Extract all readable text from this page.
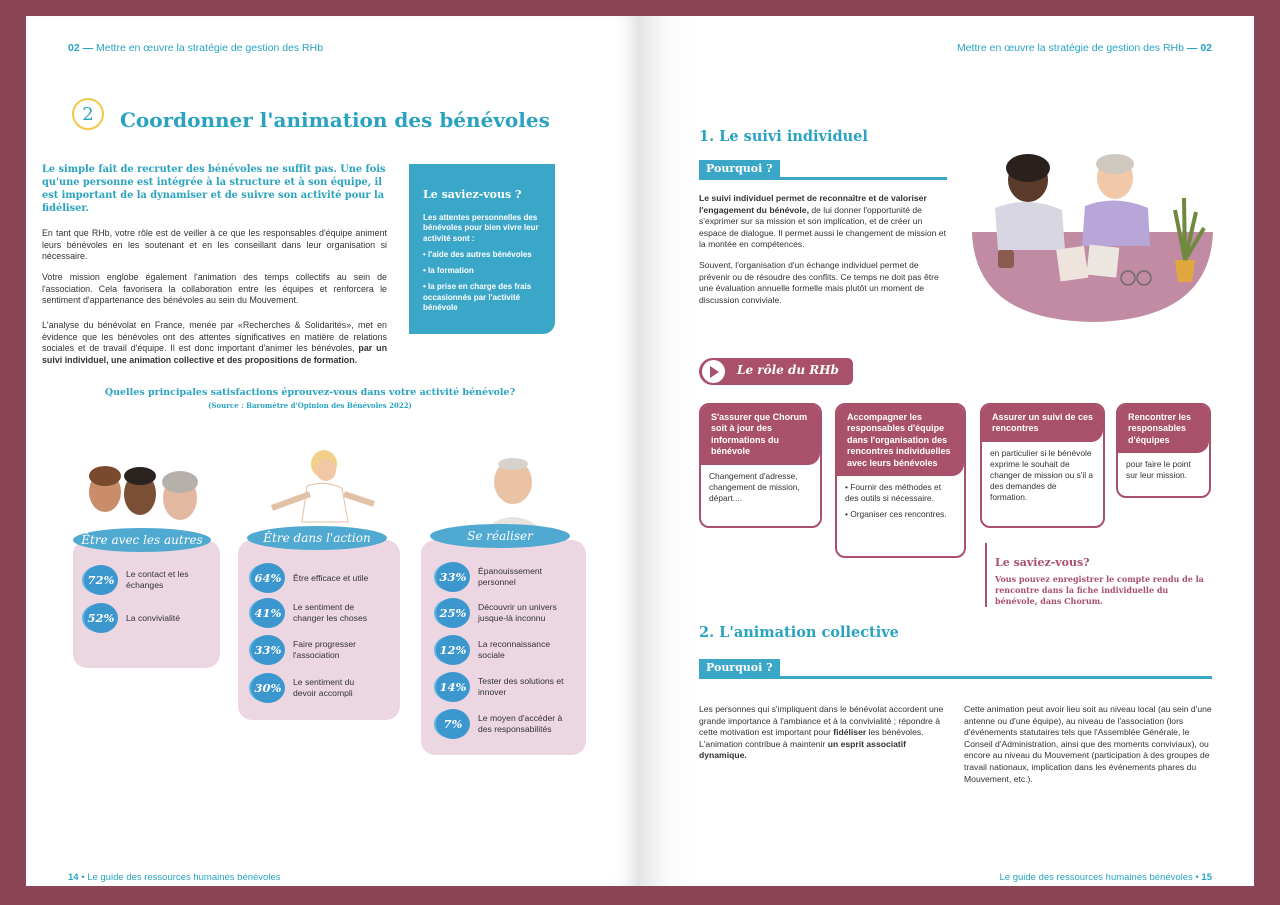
02 — Mettre en œuvre la stratégie de gestion des RHb
2	Coordonner l'animation des bénévoles
Le simple fait de recruter des bénévoles ne suffit pas. Une fois qu'une personne est intégrée à la structure et à son équipe, il est important de la dynamiser et de suivre son activité pour la fidéliser.
En tant que RHb, votre rôle est de veiller à ce que les responsables d'équipe animent leurs bénévoles en les soutenant et en les conseillant dans leur organisation si nécessaire.
Votre mission englobe également l'animation des temps collectifs au sein de l'association. Cela favorisera la collaboration entre les équipes et renforcera le sentiment d'appartenance des bénévoles au sein du Mouvement.
L'analyse du bénévolat en France, menée par «Recherches & Solidarités», met en évidence que les bénévoles ont des attentes significatives en matière de relations sociales et de travail d'équipe. Il est donc important d'animer les bénévoles, par un suivi individuel, une animation collective et des propositions de formation.
Le saviez-vous ?
Les attentes personnelles des bénévoles pour bien vivre leur activité sont :
• l'aide des autres bénévoles
• la formation
• la prise en charge des frais occasionnés par l'activité bénévole
Quelles principales satisfactions éprouvez-vous dans votre activité bénévole?
(Source : Baromètre d'Opinion des Bénévoles 2022)
Être avec les autres
72%	Le contact et les échanges
52%	La convivialité
Être dans l'action
64%	Être efficace et utile
41%	Le sentiment de changer les choses
33%	Faire progresser l'association
30%	Le sentiment du devoir accompli
Se réaliser
33%	Épanouissement personnel
25%	Découvrir un univers jusque-là inconnu
12%	La reconnaissance sociale
14%	Tester des solutions et innover
7%	Le moyen d'accéder à des responsabilités
14 • Le guide des ressources humaines bénévoles
Mettre en œuvre la stratégie de gestion des RHb — 02
1. Le suivi individuel
Pourquoi ?
Le suivi individuel permet de reconnaître et de valoriser l'engagement du bénévole, de lui donner l'opportunité de s'exprimer sur sa mission et son implication, et de créer un espace de dialogue. Il permet aussi le changement de mission et la montée en compétences.
Souvent, l'organisation d'un échange individuel permet de prévenir ou de résoudre des conflits. Ce temps ne doit pas être une évaluation annuelle formelle mais plutôt un moment de discussion conviviale.
Le rôle du RHb
S'assurer que Chorum soit à jour des informations du bénévole
Changement d'adresse, changement de mission, départ....
Accompagner les responsables d'équipe dans l'organisation des rencontres individuelles avec leurs bénévoles
• Fournir des méthodes et des outils si nécessaire.
• Organiser ces rencontres.
Assurer un suivi de ces rencontres
en particulier si le bénévole exprime le souhait de changer de mission ou s'il a des demandes de formation.
Rencontrer les responsables d'équipes
pour faire le point sur leur mission.
Le saviez-vous?
Vous pouvez enregistrer le compte rendu de la rencontre dans la fiche individuelle du bénévole, dans Chorum.
2. L'animation collective
Pourquoi ?
Les personnes qui s'impliquent dans le bénévolat accordent une grande importance à l'ambiance et à la convivialité ; répondre à cette motivation est important pour fidéliser les bénévoles. L'animation contribue à maintenir un esprit associatif dynamique.
Cette animation peut avoir lieu soit au niveau local (au sein d'une antenne ou d'une équipe), au niveau de l'association (lors d'événements statutaires tels que l'Assemblée Générale, le Conseil d'Administration, ainsi que des moments conviviaux), ou encore au niveau du Mouvement (participation à des groupes de travail nationaux, implication dans les événements phares du Mouvement, etc.).
Le guide des ressources humaines bénévoles • 15
